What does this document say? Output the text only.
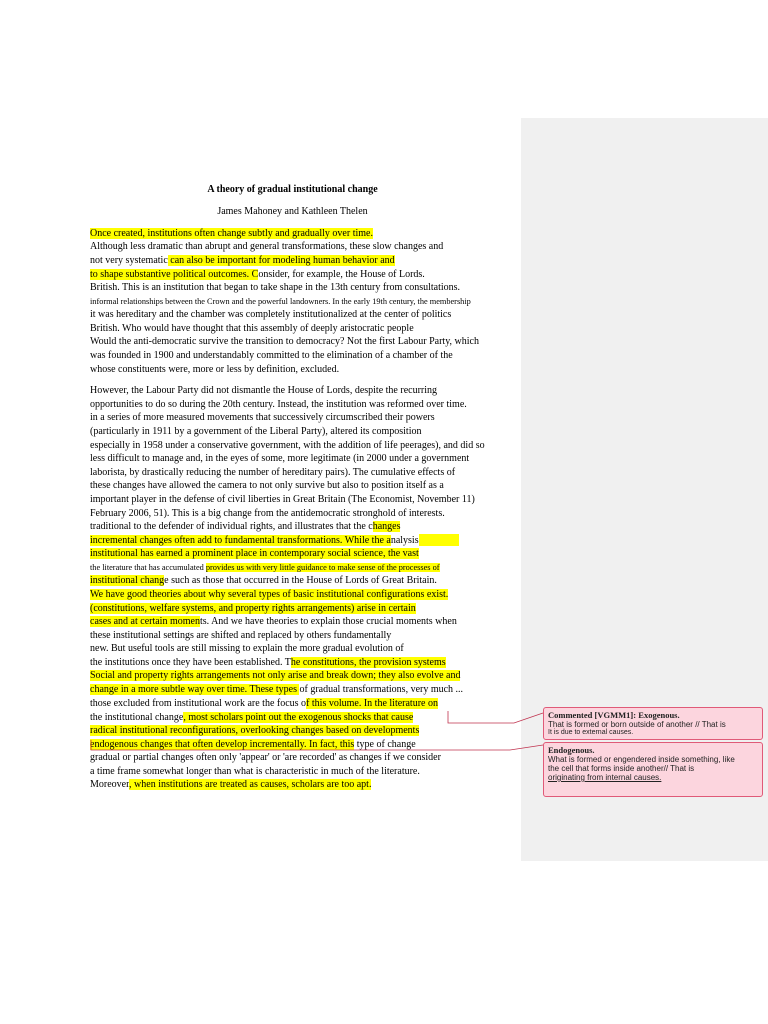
A theory of gradual institutional change
James Mahoney and Kathleen Thelen
Once created, institutions often change subtly and gradually over time.
Although less dramatic than abrupt and general transformations, these slow changes and
not very systematic can also be important for modeling human behavior and
to shape substantive political outcomes. Consider, for example, the House of Lords.
British. This is an institution that began to take shape in the 13th century from consultations.
informal relationships between the Crown and the powerful landowners. In the early 19th century, the membership
it was hereditary and the chamber was completely institutionalized at the center of politics
British. Who would have thought that this assembly of deeply aristocratic people
Would the anti-democratic survive the transition to democracy? Not the first Labour Party, which
was founded in 1900 and understandably committed to the elimination of a chamber of the
whose constituents were, more or less by definition, excluded.
However, the Labour Party did not dismantle the House of Lords, despite the recurring
opportunities to do so during the 20th century. Instead, the institution was reformed over time.
in a series of more measured movements that successively circumscribed their powers
(particularly in 1911 by a government of the Liberal Party), altered its composition
especially in 1958 under a conservative government, with the addition of life peerages), and did so
less difficult to manage and, in the eyes of some, more legitimate (in 2000 under a government
laborista, by drastically reducing the number of hereditary pairs). The cumulative effects of
these changes have allowed the camera to not only survive but also to position itself as a
important player in the defense of civil liberties in Great Britain (The Economist, November 11)
February 2006, 51). This is a big change from the antidemocratic stronghold of interests.
traditional to the defender of individual rights, and illustrates that the changes
incremental changes often add to fundamental transformations. While the analysis
institutional has earned a prominent place in contemporary social science, the vast
the literature that has accumulated provides us with very little guidance to make sense of the processes of
institutional change such as those that occurred in the House of Lords of Great Britain.
We have good theories about why several types of basic institutional configurations exist.
(constitutions, welfare systems, and property rights arrangements) arise in certain
cases and at certain moments. And we have theories to explain those crucial moments when
these institutional settings are shifted and replaced by others fundamentally
new. But useful tools are still missing to explain the more gradual evolution of
the institutions once they have been established. The constitutions, the provision systems
Social and property rights arrangements not only arise and break down; they also evolve and
change in a more subtle way over time. These types of gradual transformations, very much ...
those excluded from institutional work are the focus of this volume. In the literature on
the institutional change, most scholars point out the exogenous shocks that cause
radical institutional reconfigurations, overlooking changes based on developments
endogenous changes that often develop incrementally. In fact, this type of change
gradual or partial changes often only 'appear' or 'are recorded' as changes if we consider
a time frame somewhat longer than what is characteristic in much of the literature.
Moreover, when institutions are treated as causes, scholars are too apt.
Commented [VGMM1]: Exogenous.
That is formed or born outside of another // That is
It is due to external causes.
Endogenous.
What is formed or engendered inside something, like
the cell that forms inside another// That is
originating from internal causes.
